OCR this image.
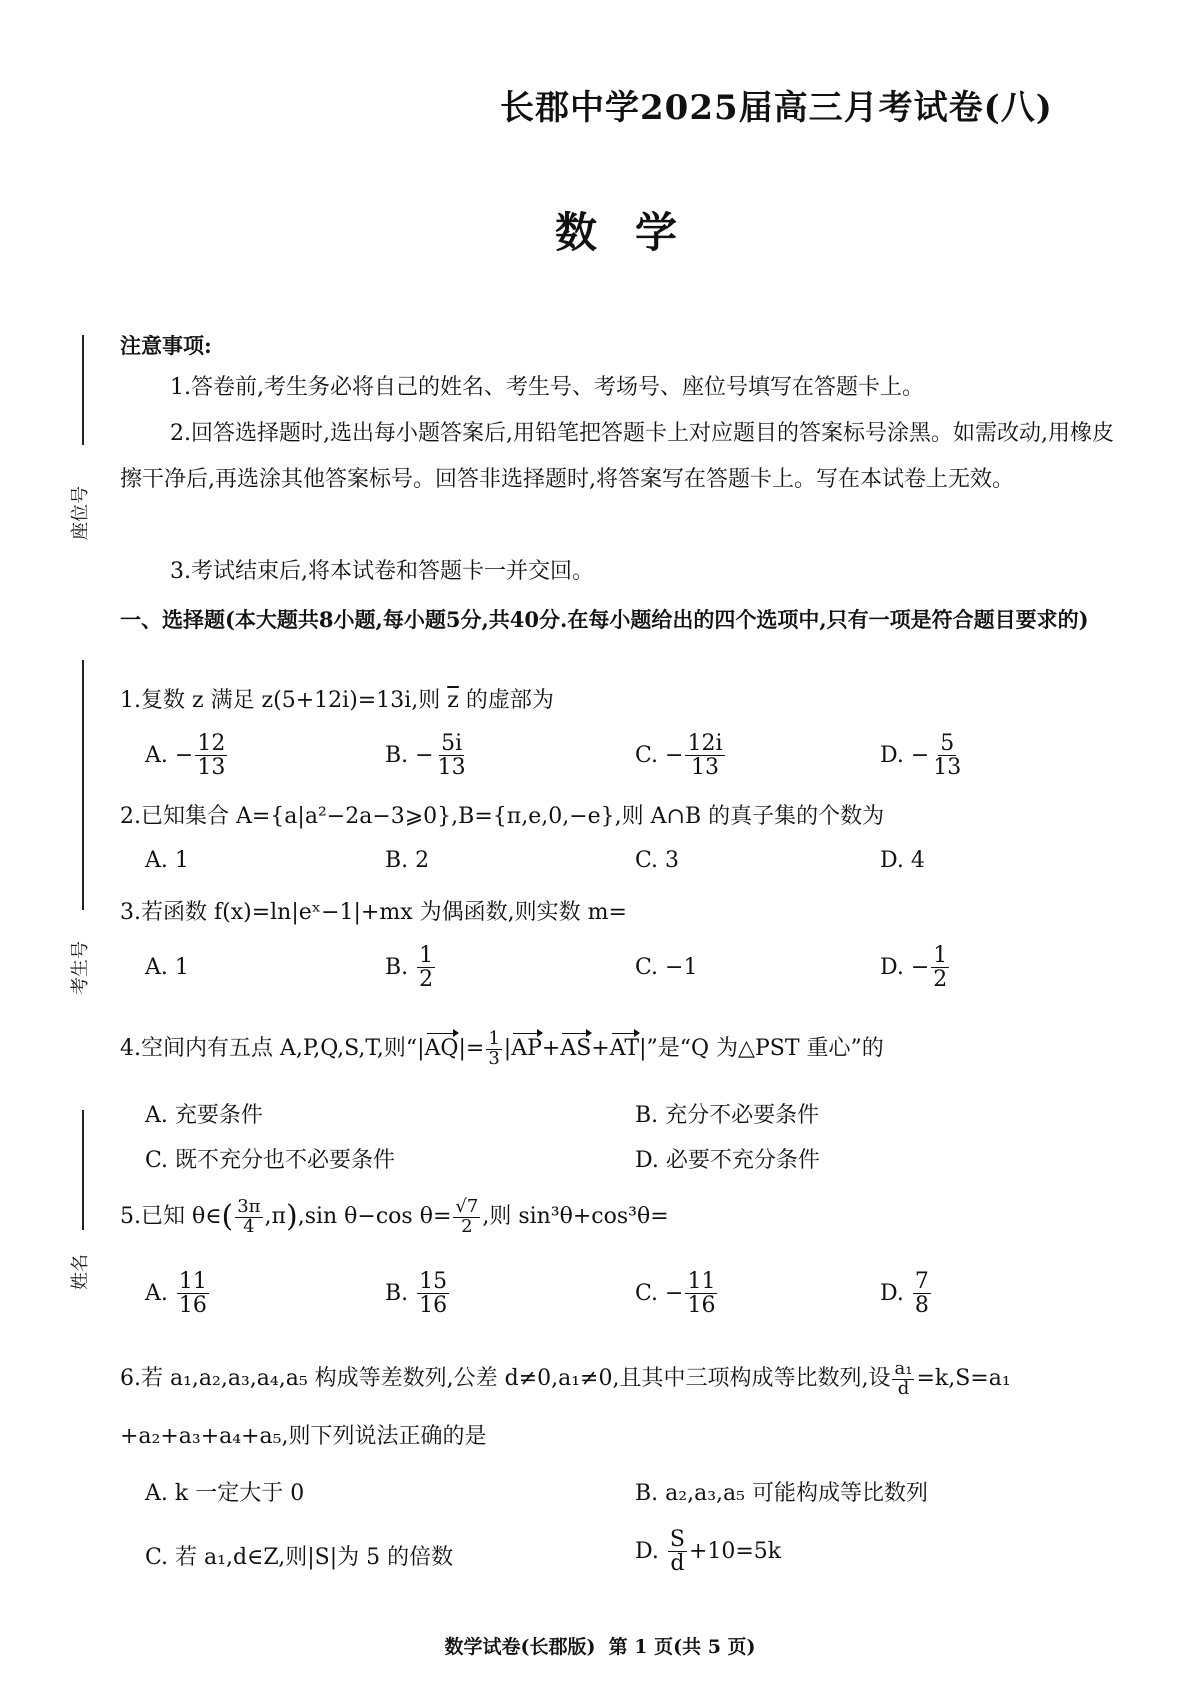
座位号
考生号
姓名
长郡中学2025届高三月考试卷(八)
数学
注意事项:
1.答卷前,考生务必将自己的姓名、考生号、考场号、座位号填写在答题卡上。
2.回答选择题时,选出每小题答案后,用铅笔把答题卡上对应题目的答案标号涂黑。如需改动,用橡皮擦干净后,再选涂其他答案标号。回答非选择题时,将答案写在答题卡上。写在本试卷上无效。
3.考试结束后,将本试卷和答题卡一并交回。
一、选择题(本大题共8小题,每小题5分,共40分.在每小题给出的四个选项中,只有一项是符合题目要求的)
1.复数 z 满足 z(5+12i)=13i,则 $\overline{z}$ 的虚部为
A.
− $\frac{12}{13}$	B.
− $\frac{5i}{13}$	C.
− $\frac{12i}{13}$	D.
− $\frac{5}{13}$
2.已知集合 A={a|a²−2a−3⩾0},B={π,e,0,−e},则 A∩B 的真子集的个数为
A. 1	B. 2	C. 3	D. 4
3.若函数 f(x)=ln|eˣ−1|+mx 为偶函数,则实数 m=
A. 1	B.
$\frac{1}{2}$	C. −1	D.
− $\frac{1}{2}$
4.空间内有五点 A,P,Q,S,T,则“| AQ |= $\frac{1}{3}$ | AP + AS + AT |”是“Q 为△PST 重心”的
A. 充要条件	B. 充分不必要条件
C. 既不充分也不必要条件	D. 必要不充分条件
5.已知 θ∈ ( $\frac{3\pi}{4} ,\pi$ ) ,sin θ−cos $\theta= \frac{√7}{2}$ ,则 sin³θ+cos³θ=
A.
$\frac{11}{16}$	B.
$\frac{15}{16}$	C.
− $\frac{11}{16}$	D.
$\frac{7}{8}$
6.若 a₁,a₂,a₃,a₄,a₅ 构成等差数列,公差 d≠0,a₁≠0,且其中三项构成等比数列,设 $\frac{\text{a₁}}{d} =k,S=a_1$
+a₂+a₃+a₄+a₅,则下列说法正确的是
A. k 一定大于 0	B. a₂,a₃,a₅ 可能构成等比数列
C. 若 a₁,d∈Z,则|S|为 5 的倍数	D.
$\frac{S}{d} +10=5k$
数学试卷(长郡版)  第 1 页(共 5 页)
